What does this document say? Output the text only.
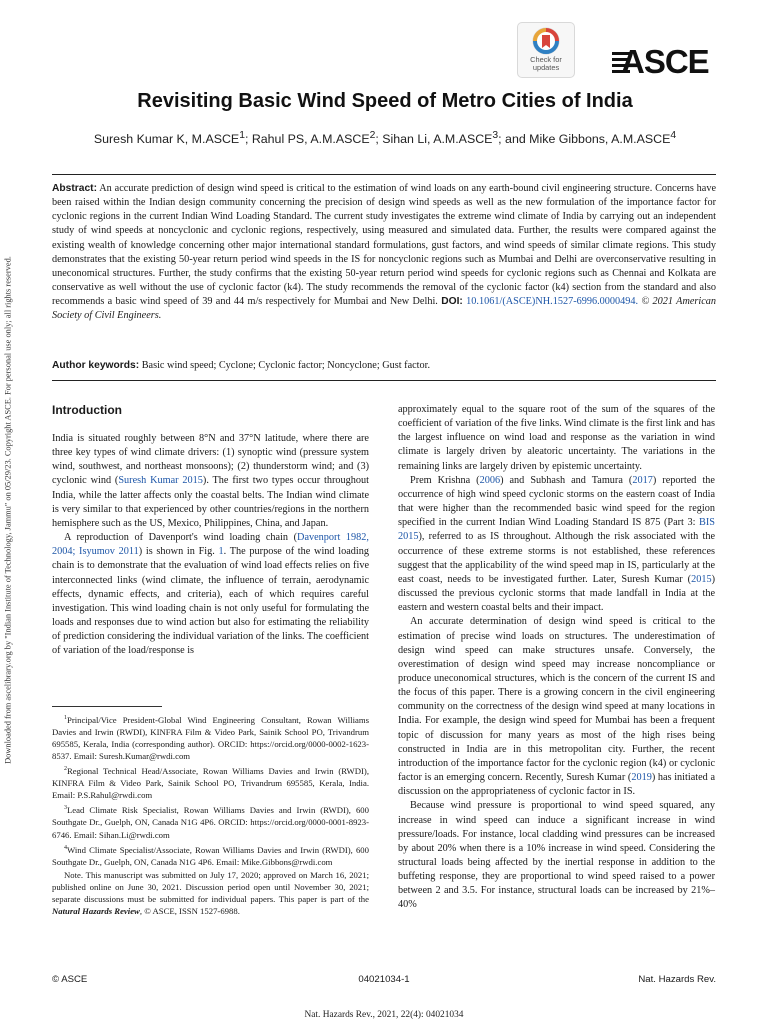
Downloaded from ascelibrary.org by "Indian Institute of Technology, Jammu" on 05/29/23. Copyright ASCE. For personal use only; all rights reserved.
Check for
updates	ASCE
Revisiting Basic Wind Speed of Metro Cities of India
Suresh Kumar K, M.ASCE$^1$; Rahul PS, A.M.ASCE$^2$; Sihan Li, A.M.ASCE$^3$; and Mike Gibbons, A.M.ASCE$^4$

Abstract: An accurate prediction of design wind speed is critical to the estimation of wind loads on any earth-bound civil engineering structure. Concerns have been raised within the Indian design community concerning the precision of design wind speeds as well as the new formulation of the importance factor for cyclonic regions in the current Indian Wind Loading Standard. The current study investigates the extreme wind climate of India by carrying out an independent study of wind speeds at noncyclonic and cyclonic regions, respectively, using measured and simulated data. Further, the results were compared against the existing wealth of knowledge concerning other major international standard formulations, gust factors, and wind speeds of similar climate regions. This study demonstrates that the existing 50-year return period wind speeds in the IS for noncyclonic regions such as Mumbai and Delhi are overconservative resulting in uneconomical structures. Further, the study confirms that the existing 50-year return period wind speeds for cyclonic regions such as Chennai and Kolkata are conservative as well without the use of cyclonic factor (k4). The study recommends the removal of the cyclonic factor (k4) section from the standard and also recommends a basic wind speed of 39 and 44 m/s respectively for Mumbai and New Delhi. DOI: 10.1061/(ASCE)NH.1527-6996.0000494. © 2021 American Society of Civil Engineers.

Author keywords: Basic wind speed; Cyclone; Cyclonic factor; Noncyclone; Gust factor.

Introduction

India is situated roughly between 8°N and 37°N latitude, where there are three key types of wind climate drivers: (1) synoptic wind (pressure system wind, southwest, and northeast monsoons); (2) thunderstorm wind; and (3) cyclonic wind (Suresh Kumar 2015). The first two types occur throughout India, while the latter affects only the coastal belts. The Indian wind climate is very similar to that experienced by other countries/regions in the northern hemisphere such as the US, Mexico, Philippines, China, and Japan.

A reproduction of Davenport's wind loading chain (Davenport 1982, 2004; Isyumov 2011) is shown in Fig. 1. The purpose of the wind loading chain is to demonstrate that the evaluation of wind load effects relies on five interconnected links (wind climate, the influence of terrain, aerodynamic effects, dynamic effects, and criteria), each of which requires careful investigation. This wind loading chain is not only useful for formulating the loads and responses due to wind action but also for estimating the reliability of prediction considering the individual variation of the links. The coefficient of variation of the load/response is

$^1$Principal/Vice President-Global Wind Engineering Consultant, Rowan Williams Davies and Irwin (RWDI), KINFRA Film & Video Park, Sainik School PO, Trivandrum 695585, Kerala, India (corresponding author). ORCID: https://orcid.org/0000-0002-1623-8537. Email: Suresh.Kumar@rwdi.com

$^2$Regional Technical Head/Associate, Rowan Williams Davies and Irwin (RWDI), KINFRA Film & Video Park, Sainik School PO, Trivandrum 695585, Kerala, India. Email: P.S.Rahul@rwdi.com

$^3$Lead Climate Risk Specialist, Rowan Williams Davies and Irwin (RWDI), 600 Southgate Dr., Guelph, ON, Canada N1G 4P6. ORCID: https://orcid.org/0000-0001-8923-6746. Email: Sihan.Li@rwdi.com

$^4$Wind Climate Specialist/Associate, Rowan Williams Davies and Irwin (RWDI), 600 Southgate Dr., Guelph, ON, Canada N1G 4P6. Email: Mike.Gibbons@rwdi.com

Note. This manuscript was submitted on July 17, 2020; approved on March 16, 2021; published online on June 30, 2021. Discussion period open until November 30, 2021; separate discussions must be submitted for individual papers. This paper is part of the Natural Hazards Review, © ASCE, ISSN 1527-6988.

approximately equal to the square root of the sum of the squares of the coefficient of variation of the five links. Wind climate is the first link and has the largest influence on wind load and response as the variation in wind climate is largely driven by aleatoric uncertainty. The variations in the remaining links are largely driven by epistemic uncertainty.

Prem Krishna (2006) and Subhash and Tamura (2017) reported the occurrence of high wind speed cyclonic storms on the eastern coast of India that were higher than the recommended basic wind speed for the region specified in the current Indian Wind Loading Standard IS 875 (Part 3: BIS 2015), referred to as IS throughout. Although the risk associated with the occurrence of these extreme storms is not established, these references suggest that the applicability of the wind speed map in IS, particularly at the east coast, needs to be investigated further. Later, Suresh Kumar (2015) discussed the previous cyclonic storms that made landfall in India at the eastern and western coastal belts and their impact.

An accurate determination of design wind speed is critical to the estimation of precise wind loads on structures. The underestimation of design wind speed can make structures unsafe. Conversely, the overestimation of design wind speed may increase noncompliance or produce uneconomical structures, which is the concern of the current IS and the focus of this paper. There is a growing concern in the civil engineering community on the correctness of the design wind speed at many locations in India. For example, the design wind speed for Mumbai has been a frequent topic of discussion for many years as most of the high rises being constructed in India are in this metropolitan city. Further, the recent introduction of the importance factor for the cyclonic region (k4) or cyclonic factor is an emerging concern. Recently, Suresh Kumar (2019) has initiated a discussion on the appropriateness of cyclonic factor in IS.

Because wind pressure is proportional to wind speed squared, any increase in wind speed can induce a significant increase in wind pressure/loads. For instance, local cladding wind pressures can be increased by about 20% when there is a 10% increase in wind speed. Considering the structural loads being affected by the inertial response in addition to the buffeting response, they are proportional to wind speed raised to a power between 2 and 3.5. For instance, structural loads can be increased by 21%–40%

© ASCE	04021034-1	Nat. Hazards Rev.
Nat. Hazards Rev., 2021, 22(4): 04021034
